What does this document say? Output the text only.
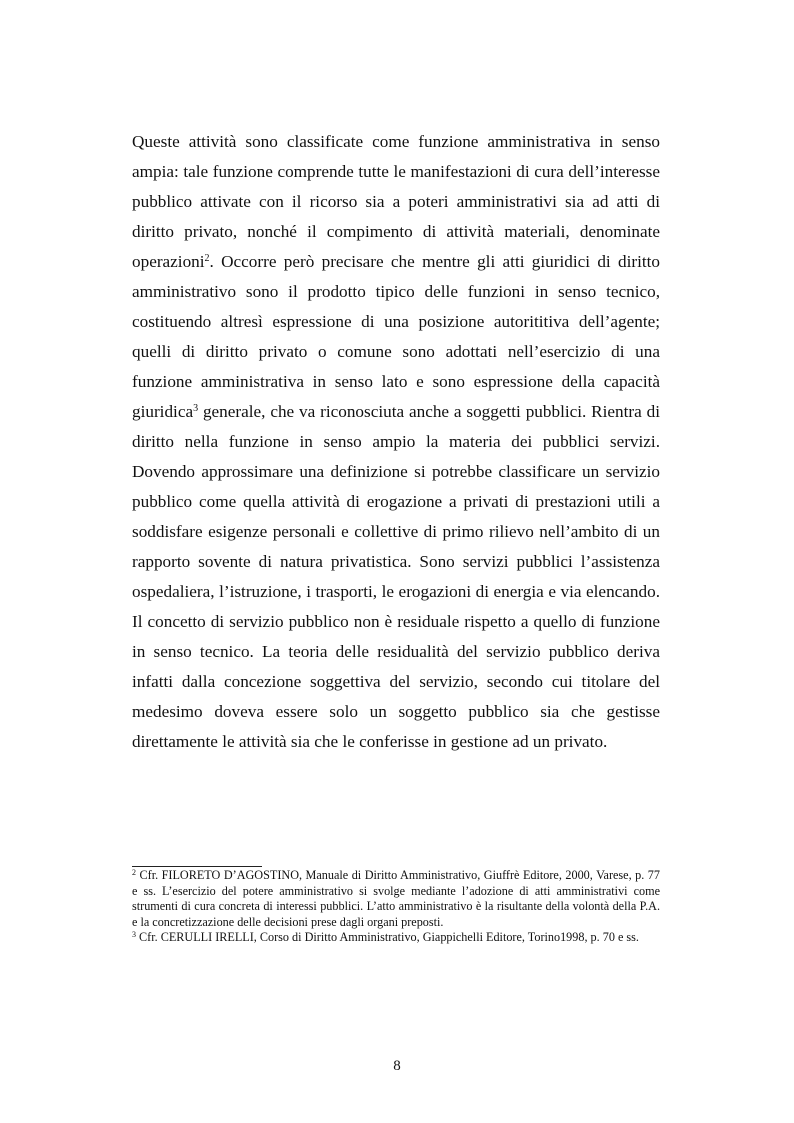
Queste attività sono classificate come funzione amministrativa in senso ampia: tale funzione comprende tutte le manifestazioni di cura dell’interesse pubblico attivate con il ricorso sia a poteri amministrativi sia ad atti di diritto privato, nonché il compimento di attività materiali, denominate operazioni$^2$. Occorre però precisare che mentre gli atti giuridici di diritto amministrativo sono il prodotto tipico delle funzioni in senso tecnico, costituendo altresì espressione di una posizione autorititiva dell’agente; quelli di diritto privato o comune sono adottati nell’esercizio di una funzione amministrativa in senso lato e sono espressione della capacità giuridica$^3$ generale, che va riconosciuta anche a soggetti pubblici. Rientra di diritto nella funzione in senso ampio la materia dei pubblici servizi. Dovendo approssimare una definizione si potrebbe classificare un servizio pubblico come quella attività di erogazione a privati di prestazioni utili a soddisfare esigenze personali e collettive di primo rilievo nell’ambito di un rapporto sovente di natura privatistica. Sono servizi pubblici l’assistenza ospedaliera, l’istruzione, i trasporti, le erogazioni di energia e via elencando. Il concetto di servizio pubblico non è residuale rispetto a quello di funzione in senso tecnico. La teoria delle residualità del servizio pubblico deriva infatti dalla concezione soggettiva del servizio, secondo cui titolare del medesimo doveva essere solo un soggetto pubblico sia che gestisse direttamente le attività sia che le conferisse in gestione ad un privato.

$^2$ Cfr. FILORETO D’AGOSTINO, Manuale di Diritto Amministrativo, Giuffrè Editore, 2000, Varese, p. 77 e ss. L’esercizio del potere amministrativo si svolge mediante l’adozione di atti amministrativi come strumenti di cura concreta di interessi pubblici. L’atto amministrativo è la risultante della volontà della P.A. e la concretizzazione delle decisioni prese dagli organi preposti.

$^3$ Cfr. CERULLI IRELLI, Corso di Diritto Amministrativo, Giappichelli Editore, Torino1998, p. 70 e ss.

8
